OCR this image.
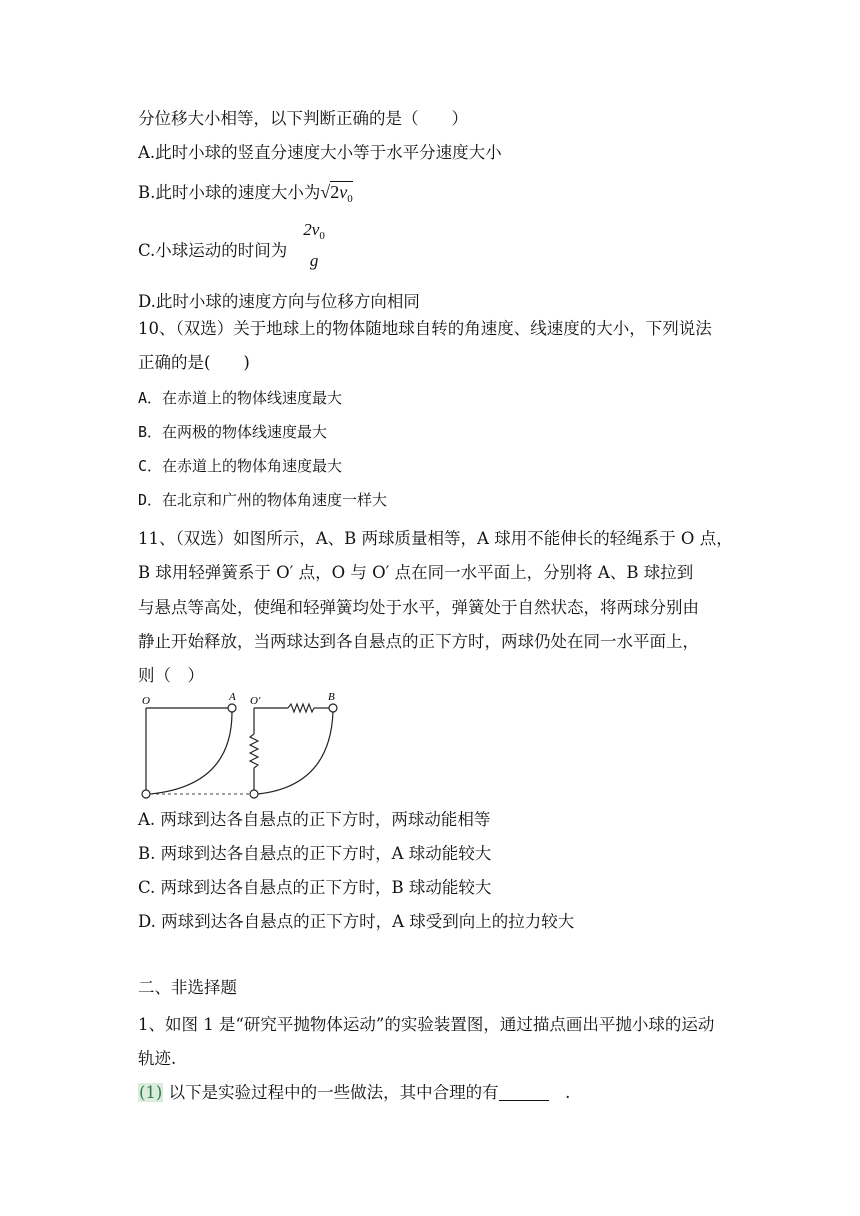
分位移大小相等，以下判断正确的是（　　）
A.此时小球的竖直分速度大小等于水平分速度大小
B.此时小球的速度大小为$√2v_0$
C.小球运动的时间为
$2v_0$
g
D.此时小球的速度方向与位移方向相同
10、（双选）关于地球上的物体随地球自转的角速度、线速度的大小，下列说法
正确的是(　　)
A．在赤道上的物体线速度最大
B．在两极的物体线速度最大
C．在赤道上的物体角速度最大
D．在北京和广州的物体角速度一样大
11、（双选）如图所示，A、B 两球质量相等，A 球用不能伸长的轻绳系于 O 点，
B 球用轻弹簧系于 O′ 点，O 与 O′ 点在同一水平面上，分别将 A、B 球拉到
与悬点等高处，使绳和轻弹簧均处于水平，弹簧处于自然状态，将两球分别由
静止开始释放，当两球达到各自悬点的正下方时，两球仍处在同一水平面上，
则（　）
O	A O′	B
A. 两球到达各自悬点的正下方时，两球动能相等
B. 两球到达各自悬点的正下方时，A 球动能较大
C. 两球到达各自悬点的正下方时，B 球动能较大
D. 两球到达各自悬点的正下方时，A 球受到向上的拉力较大
二、非选择题
1、如图 1 是“研究平抛物体运动”的实验装置图，通过描点画出平抛小球的运动
轨迹.
(1) 以下是实验过程中的一些做法，其中合理的有	　.
